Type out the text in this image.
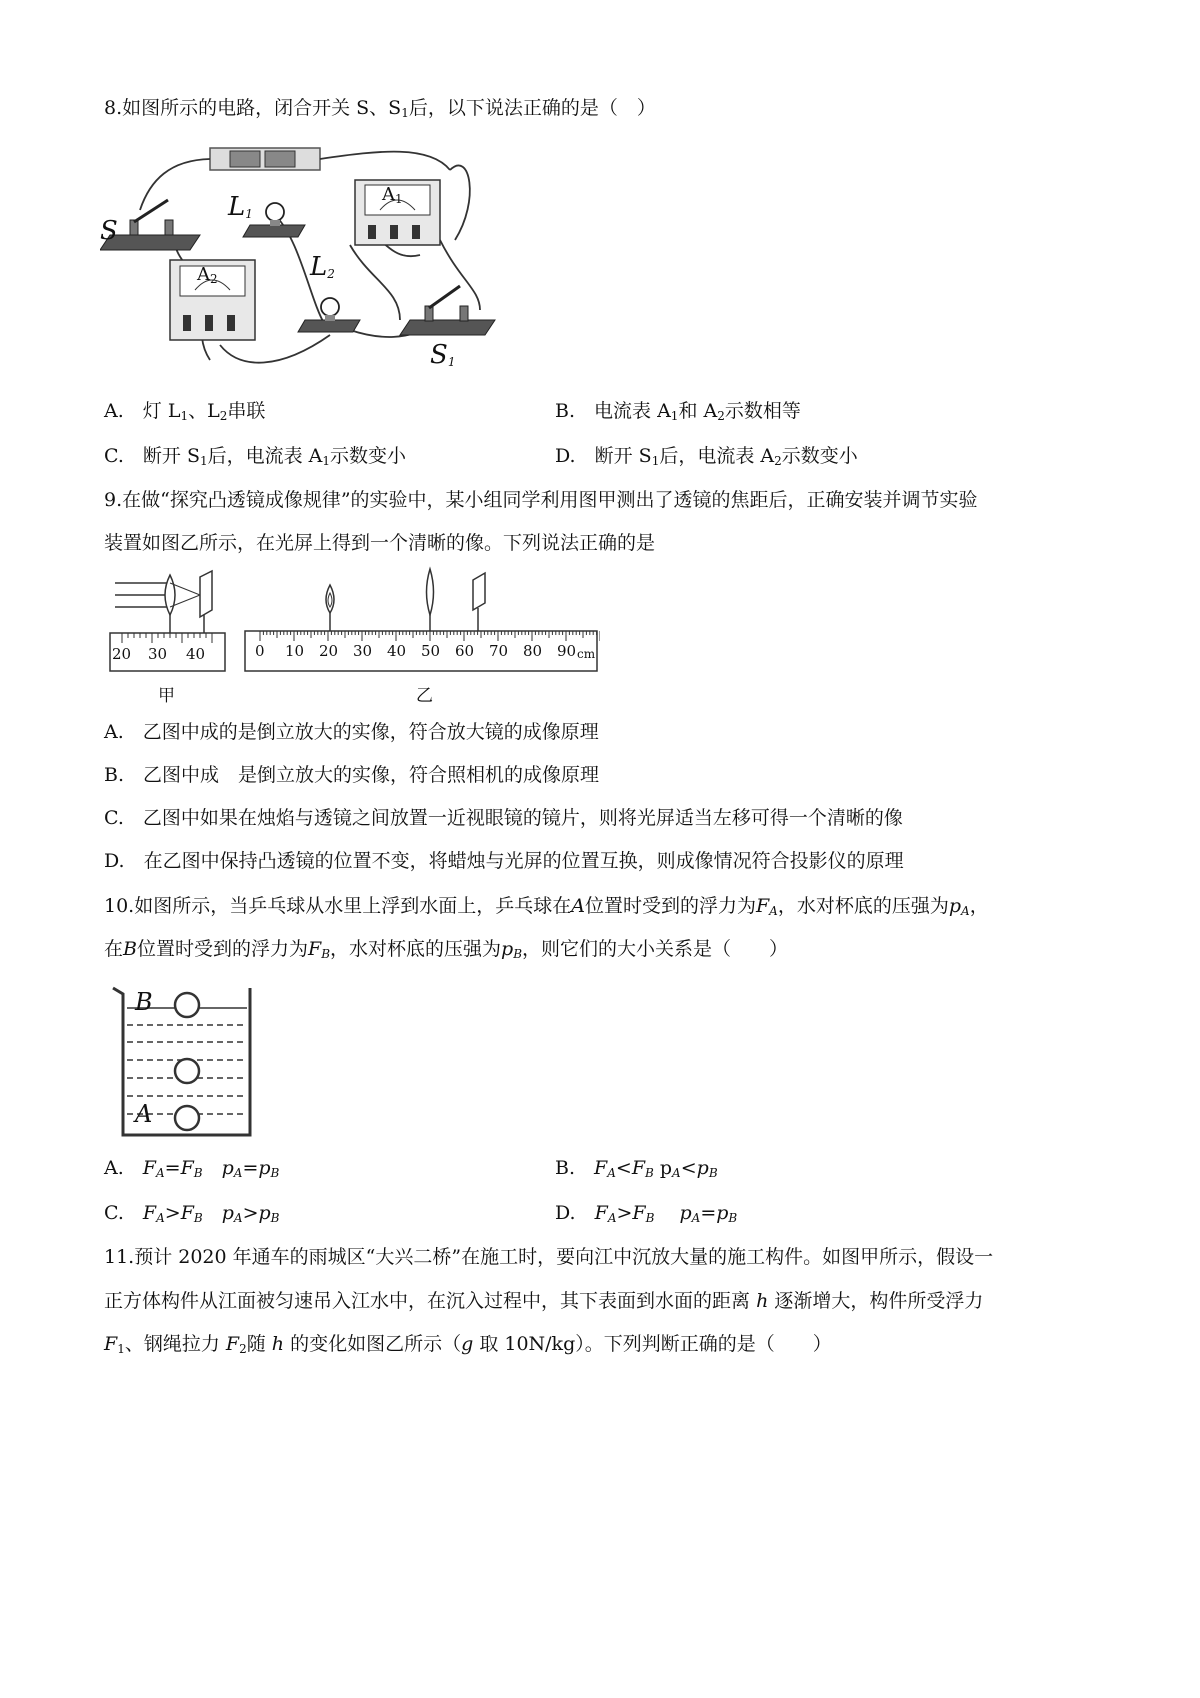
8.如图所示的电路，闭合开关 S、$S_1$后，以下说法正确的是（　）
S
$L_1$
$A_1$
$L_2$
$A_2$
$S_1$
A.　 灯 $L_1$、$L_2$串联	B.　 电流表 $A_1$和 $A_2$示数相等
C.　 断开 $S_1$后，电流表 $A_1$示数变小	D.　 断开 $S_1$后，电流表 $A_2$示数变小
9.在做“探究凸透镜成像规律”的实验中，某小组同学利用图甲测出了透镜的焦距后，正确安装并调节实验
装置如图乙所示，在光屏上得到一个清晰的像。下列说法正确的是
20 30 40
甲
0 10 20 30 40 50 60 70 80 90 cm
乙
A.　乙图中成的是倒立放大的实像，符合放大镜的成像原理
B.　乙图中成　是倒立放大的实像，符合照相机的成像原理
C.　乙图中如果在烛焰与透镜之间放置一近视眼镜的镜片，则将光屏适当左移可得一个清晰的像
D.　在乙图中保持凸透镜的位置不变，将蜡烛与光屏的位置互换，则成像情况符合投影仪的原理
10.如图所示，当乒乓球从水里上浮到水面上，乒乓球在A位置时受到的浮力为$F_A$，水对杯底的压强为$p_A$，
在B位置时受到的浮力为$F_B$，水对杯底的压强为$p_B$，则它们的大小关系是（　　）
B
A
A.　 $F_A=F_B$　 $p_A=p_B$	B.　 $F_A<F_B$ $p_A<p_B$
C.　 $F_A>F_B$　 $p_A>p_B$	D.　 $F_A>F_B$　 $p_A=p_B$
11.预计 2020 年通车的雨城区“大兴二桥”在施工时，要向江中沉放大量的施工构件。如图甲所示，假设一
正方体构件从江面被匀速吊入江水中，在沉入过程中，其下表面到水面的距离 h 逐渐增大，构件所受浮力
$F_1$、钢绳拉力 $F_2$随 h 的变化如图乙所示（g 取 10N/kg）。下列判断正确的是（　　）
